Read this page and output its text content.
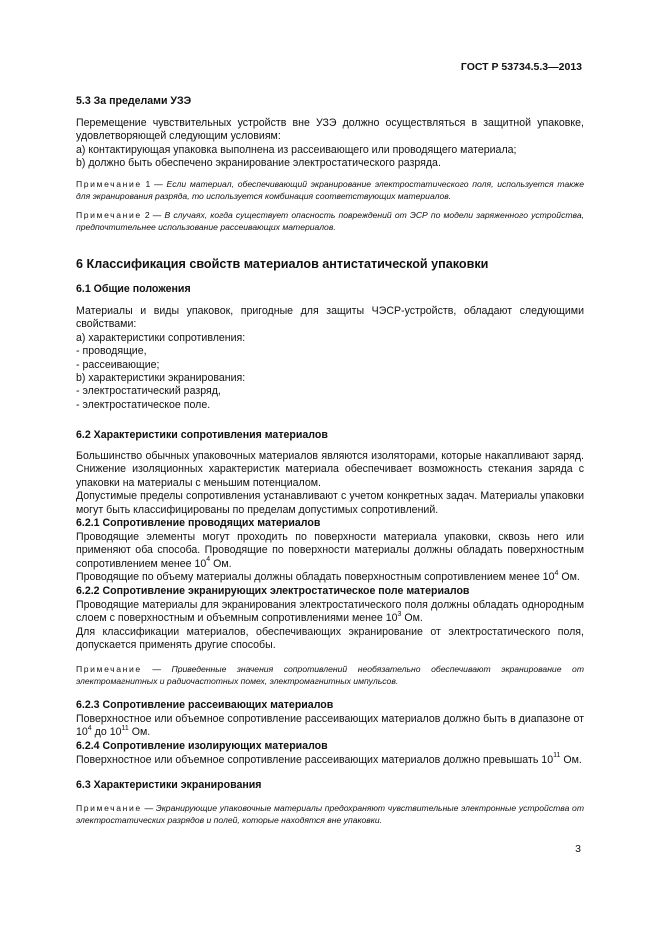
ГОСТ Р 53734.5.3—2013
5.3 За пределами УЗЭ

Перемещение чувствительных устройств вне УЗЭ должно осуществляться в защитной упаковке, удовлетворяющей следующим условиям:

a) контактирующая упаковка выполнена из рассеивающего или проводящего материала;

b) должно быть обеспечено экранирование электростатического разряда.

Примечание 1 — Если материал, обеспечивающий экранирование электростатического поля, используется также для экранирования разряда, то используется комбинация соответствующих материалов.
Примечание 2 — В случаях, когда существует опасность повреждений от ЭСР по модели заряженного устройства, предпочтительнее использование рассеивающих материалов.
6 Классификация свойств материалов антистатической упаковки
6.1 Общие положения

Материалы и виды упаковок, пригодные для защиты ЧЭСР-устройств, обладают следующими свойствами:

a) характеристики сопротивления:

- проводящие,

- рассеивающие;

b) характеристики экранирования:

- электростатический разряд,

- электростатическое поле.

6.2 Характеристики сопротивления материалов

Большинство обычных упаковочных материалов являются изоляторами, которые накапливают заряд. Снижение изоляционных характеристик материала обеспечивает возможность стекания заряда с упаковки на материалы с меньшим потенциалом.

Допустимые пределы сопротивления устанавливают с учетом конкретных задач. Материалы упаковки могут быть классифицированы по пределам допустимых сопротивлений.

6.2.1 Сопротивление проводящих материалов

Проводящие элементы могут проходить по поверхности материала упаковки, сквозь него или применяют оба способа. Проводящие по поверхности материалы должны обладать поверхностным сопротивлением менее $10^4$ Ом.

Проводящие по объему материалы должны обладать поверхностным сопротивлением менее $10^4$ Ом.

6.2.2 Сопротивление экранирующих электростатическое поле материалов

Проводящие материалы для экранирования электростатического поля должны обладать однородным слоем с поверхностным и объемным сопротивлениями менее $10^3$ Ом.

Для классификации материалов, обеспечивающих экранирование от электростатического поля, допускается применять другие способы.

Примечание — Приведенные значения сопротивлений необязательно обеспечивают экранирование от электромагнитных и радиочастотных помех, электромагнитных импульсов.
6.2.3 Сопротивление рассеивающих материалов

Поверхностное или объемное сопротивление рассеивающих материалов должно быть в диапазоне от $10^4$ до $10^{11}$ Ом.

6.2.4 Сопротивление изолирующих материалов

Поверхностное или объемное сопротивление рассеивающих материалов должно превышать $10^{11}$ Ом.

6.3 Характеристики экранирования
Примечание — Экранирующие упаковочные материалы предохраняют чувствительные электронные устройства от электростатических разрядов и полей, которые находятся вне упаковки.
3
